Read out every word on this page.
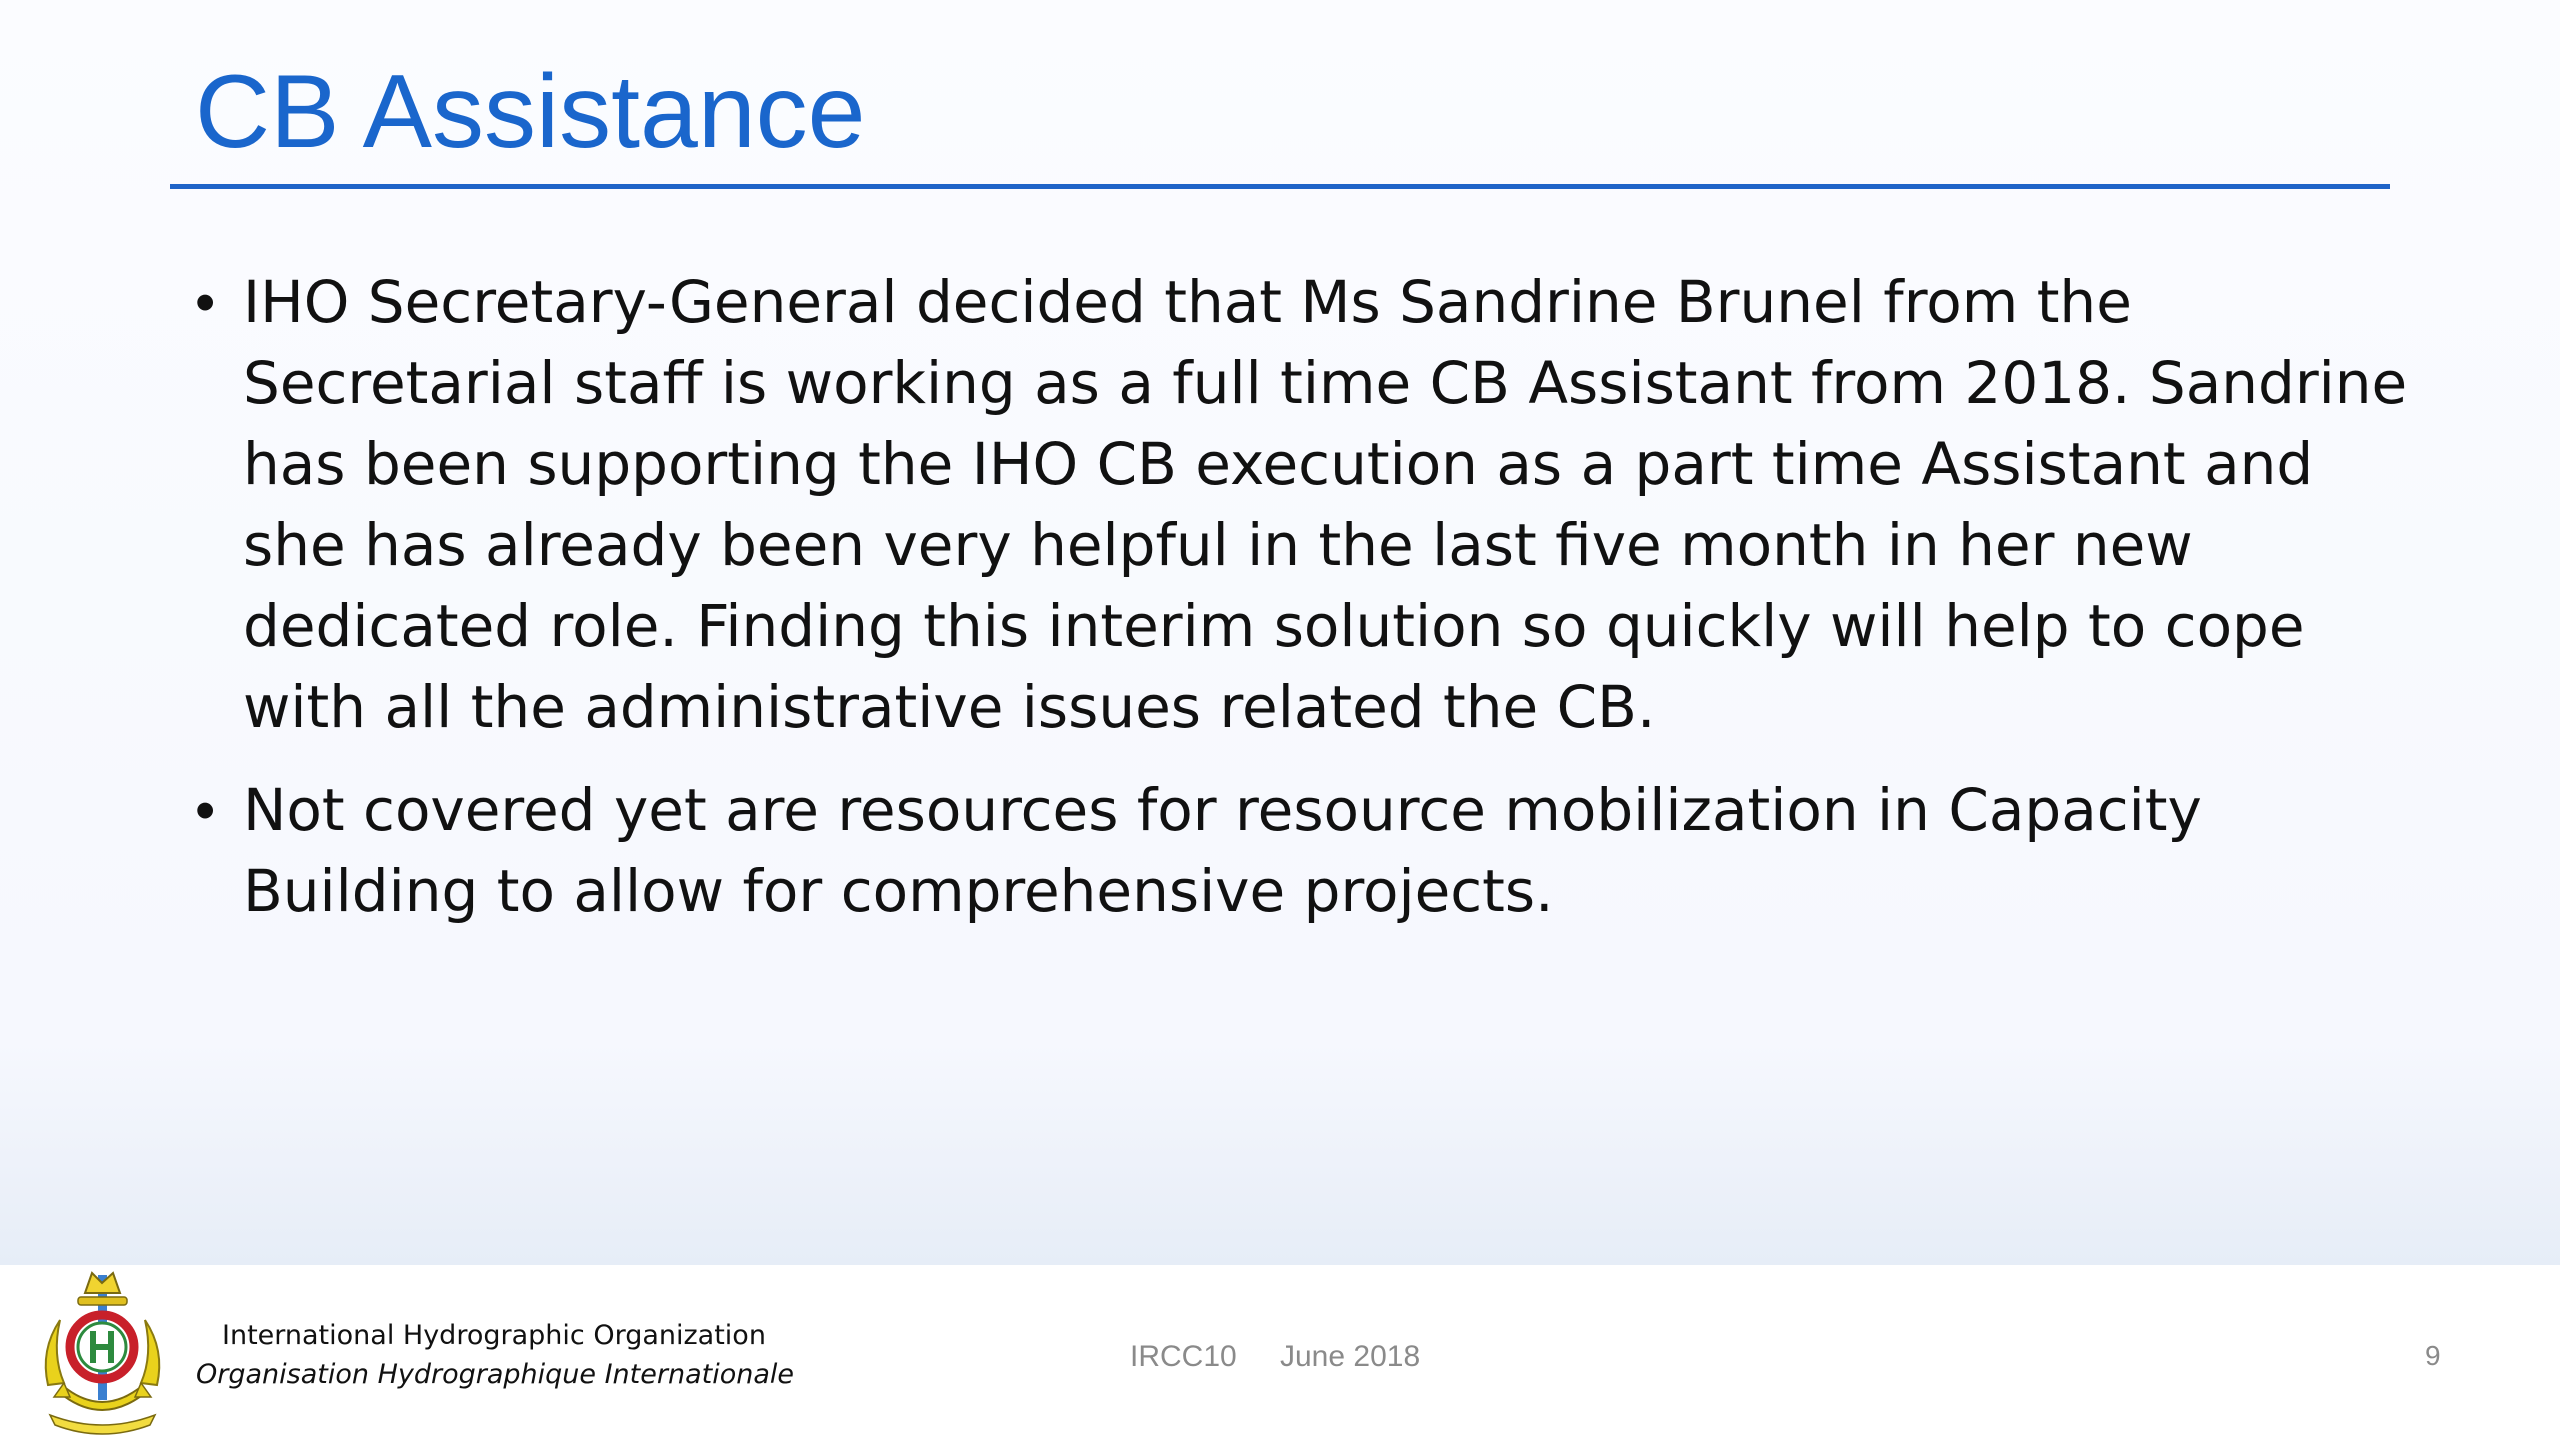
CB Assistance
• IHO Secretary-General decided that Ms Sandrine Brunel from the Secretarial staff is working as a full time CB Assistant from 2018. Sandrine has been supporting the IHO CB execution as a part time Assistant and she has already been very helpful in the last five month in her new dedicated role. Finding this interim solution so quickly will help to cope with all the administrative issues related the CB.
• Not covered yet are resources for resource mobilization in Capacity Building to allow for comprehensive projects.
International Hydrographic Organization
Organisation Hydrographique Internationale
IRCC10 June 2018	9
